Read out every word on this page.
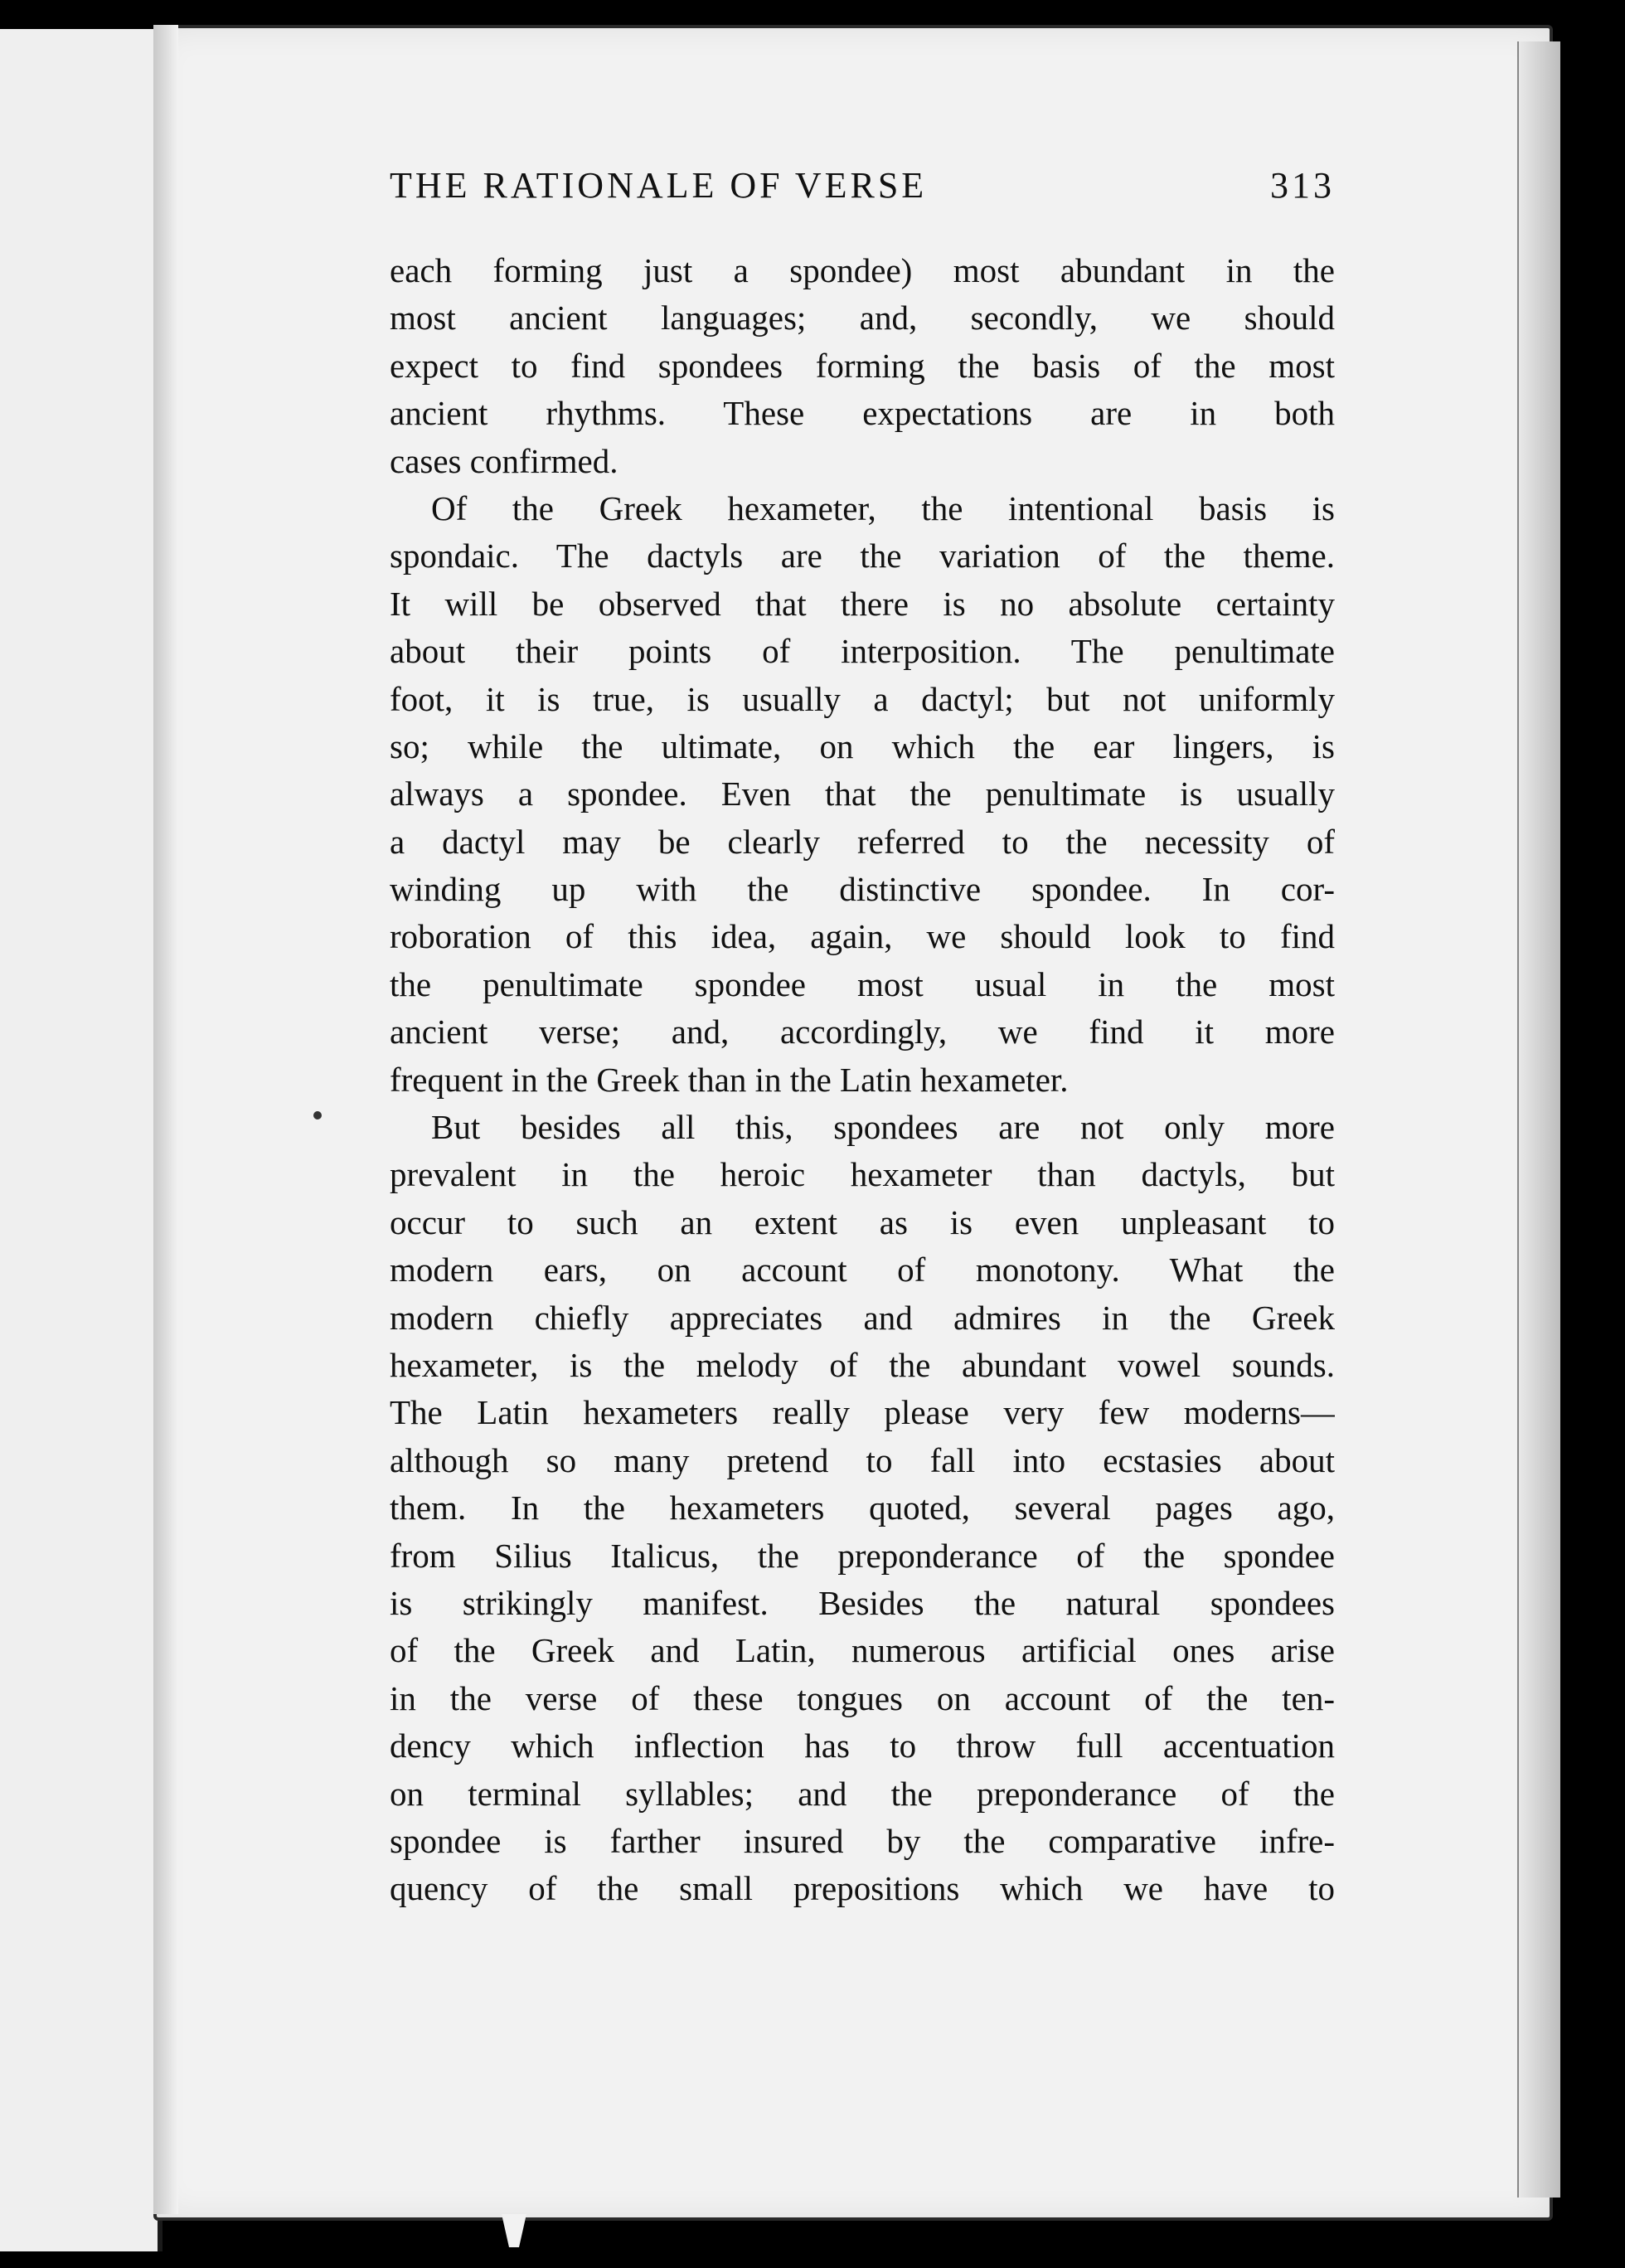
THE RATIONALE OF VERSE	313
each forming just a spondee) most abundant in the
most ancient languages; and, secondly, we should
expect to find spondees forming the basis of the most
ancient rhythms. These expectations are in both
cases confirmed.
Of the Greek hexameter, the intentional basis is
spondaic. The dactyls are the variation of the theme.
It will be observed that there is no absolute certainty
about their points of interposition. The penultimate
foot, it is true, is usually a dactyl; but not uniformly
so; while the ultimate, on which the ear lingers, is
always a spondee. Even that the penultimate is usually
a dactyl may be clearly referred to the necessity of
winding up with the distinctive spondee. In cor-
roboration of this idea, again, we should look to find
the penultimate spondee most usual in the most
ancient verse; and, accordingly, we find it more
frequent in the Greek than in the Latin hexameter.
But besides all this, spondees are not only more
prevalent in the heroic hexameter than dactyls, but
occur to such an extent as is even unpleasant to
modern ears, on account of monotony. What the
modern chiefly appreciates and admires in the Greek
hexameter, is the melody of the abundant vowel sounds.
The Latin hexameters really please very few moderns—
although so many pretend to fall into ecstasies about
them. In the hexameters quoted, several pages ago,
from Silius Italicus, the preponderance of the spondee
is strikingly manifest. Besides the natural spondees
of the Greek and Latin, numerous artificial ones arise
in the verse of these tongues on account of the ten-
dency which inflection has to throw full accentuation
on terminal syllables; and the preponderance of the
spondee is farther insured by the comparative infre-
quency of the small prepositions which we have to
